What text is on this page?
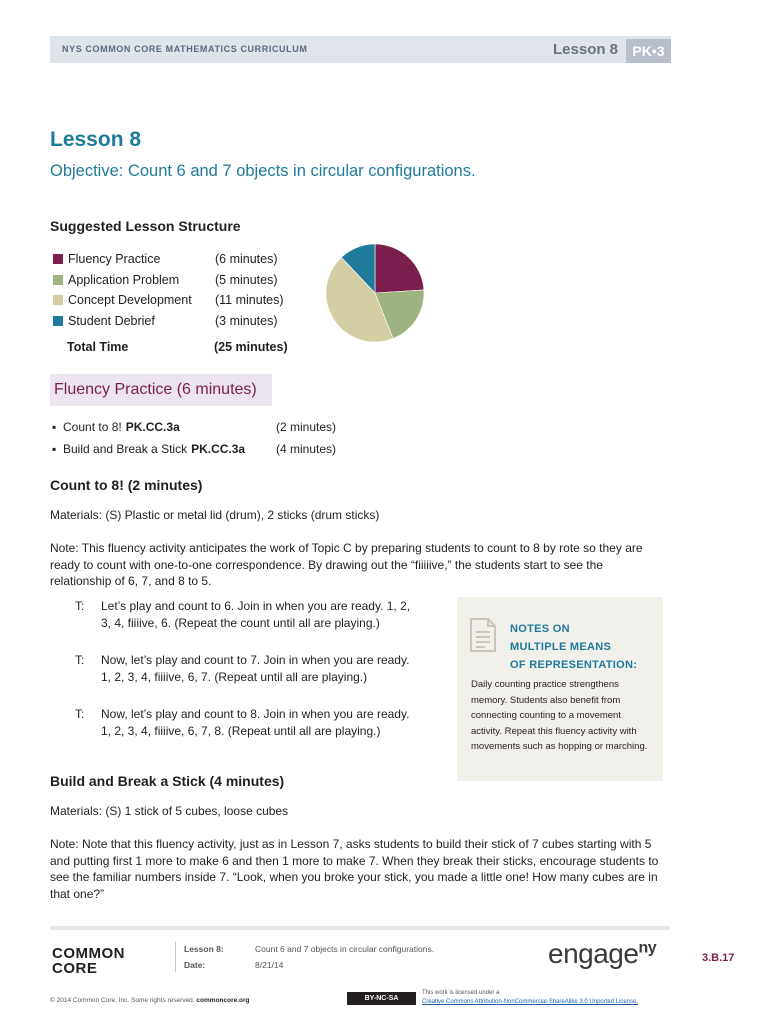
NYS COMMON CORE MATHEMATICS CURRICULUM	Lesson 8	PK•3
Lesson 8
Objective: Count 6 and 7 objects in circular configurations.
Suggested Lesson Structure
Fluency Practice	(6 minutes)
Application Problem	(5 minutes)
Concept Development (11 minutes)
Student Debrief	(3 minutes)
Total Time	(25 minutes)
Fluency Practice (6 minutes)
▪ Count to 8! PK.CC.3a	(2 minutes)
▪ Build and Break a Stick PK.CC.3a	(4 minutes)
Count to 8! (2 minutes)
Materials: (S) Plastic or metal lid (drum), 2 sticks (drum sticks)
Note: This fluency activity anticipates the work of Topic C by preparing students to count to 8 by rote so they are ready to count with one-to-one correspondence. By drawing out the “fiiiiive,” the students start to see the relationship of 6, 7, and 8 to 5.
T: Let’s play and count to 6. Join in when you are ready. 1, 2, 3, 4, fiiiive, 6. (Repeat the count until all are playing.)
T: Now, let’s play and count to 7. Join in when you are ready. 1, 2, 3, 4, fiiiive, 6, 7. (Repeat until all are playing.)
T: Now, let’s play and count to 8. Join in when you are ready. 1, 2, 3, 4, fiiiive, 6, 7, 8. (Repeat until all are playing.)
NOTES ON
MULTIPLE MEANS
OF REPRESENTATION:
Daily counting practice strengthens memory. Students also benefit from connecting counting to a movement activity. Repeat this fluency activity with movements such as hopping or marching.
Build and Break a Stick (4 minutes)
Materials: (S) 1 stick of 5 cubes, loose cubes
Note: Note that this fluency activity, just as in Lesson 7, asks students to build their stick of 7 cubes starting with 5 and putting first 1 more to make 6 and then 1 more to make 7. When they break their sticks, encourage students to see the familiar numbers inside 7. “Look, when you broke your stick, you made a little one! How many cubes are in that one?”
COMMON
CORE
Lesson 8:	Count 6 and 7 objects in circular configurations.
Date:	8/21/14	engage$^{ny}$
3.B.17
© 2014 Common Core, Inc. Some rights reserved. commoncore.org	BY-NC-SA
This work is licensed under a
Creative Commons Attribution-NonCommercial-ShareAlike 3.0 Unported License.
